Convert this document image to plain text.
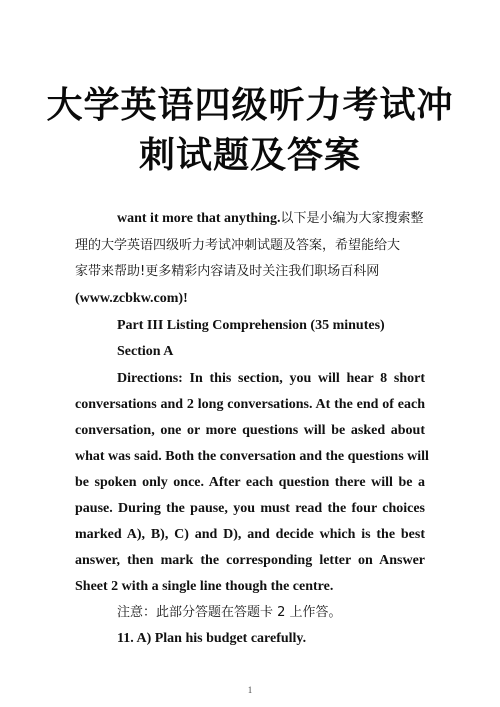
大学英语四级听力考试冲
刺试题及答案
want it more that anything.以下是小编为大家搜索整
理的大学英语四级听力考试冲刺试题及答案，希望能给大
家带来帮助!更多精彩内容请及时关注我们职场百科网
(www.zcbkw.com)!
Part III Listing Comprehension (35 minutes)
Section A
Directions: In this section, you will hear 8 short
conversations and 2 long conversations. At the end of each
conversation, one or more questions will be asked about
what was said. Both the conversation and the questions will
be spoken only once. After each question there will be a
pause. During the pause, you must read the four choices
marked A), B), C) and D), and decide which is the best
answer, then mark the corresponding letter on Answer
Sheet 2 with a single line though the centre.
注意：此部分答题在答题卡 2 上作答。
11. A) Plan his budget carefully.
1
